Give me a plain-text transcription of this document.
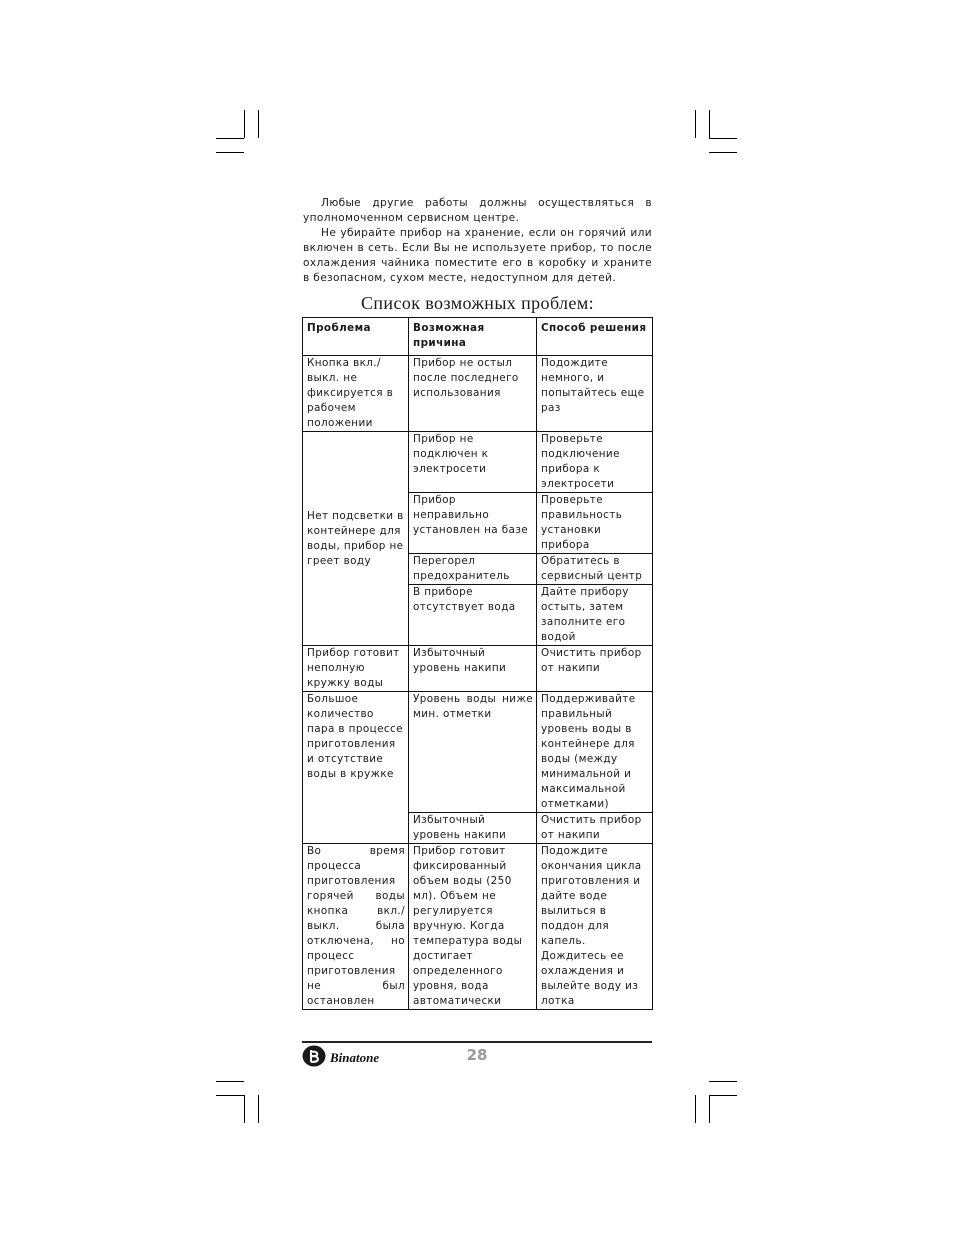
Любые другие работы должны осуществляться в уполномоченном сервисном центре.

Не убирайте прибор на хранение, если он горячий или включен в сеть. Если Вы не используете прибор, то после охлаждения чайника поместите его в коробку и храните в безопасном, сухом месте, недоступном для детей.

Список возможных проблем:
Проблема	Возможная причина	Способ решения
Кнопка вкл./выкл. не фиксируется в рабочем положении	Прибор не остыл после последнего использования	Подождите немного, и попытайтесь еще раз
Нет подсветки в контейнере для воды, прибор не греет воду	Прибор не подключен к электросети	Проверьте подключение прибора к электросети
	Прибор неправильно установлен на базе	Проверьте правильность установки прибора
	Перегорел предохранитель	Обратитесь в сервисный центр
	В приборе отсутствует вода	Дайте прибору остыть, затем заполните его водой
Прибор готовит неполную кружку воды	Избыточный уровень накипи	Очистить прибор от накипи
Большое количество пара в процессе приготовления и отсутствие воды в кружке	Уровень воды ниже мин. отметки	Поддерживайте правильный уровень воды в контейнере для воды (между минимальной и максимальной отметками)
	Избыточный уровень накипи	Очистить прибор от накипи
Во время процесса приготовления горячей воды кнопка вкл./выкл. была отключена, но процесс приготовления не был остановлен	Прибор готовит фиксированный объем воды (250 мл). Объем не регулируется вручную. Когда температура воды достигает определенного уровня, вода автоматически	Подождите окончания цикла приготовления и дайте воде вылиться в поддон для капель. Дождитесь ее охлаждения и вылейте воду из лотка
Binatone	28
